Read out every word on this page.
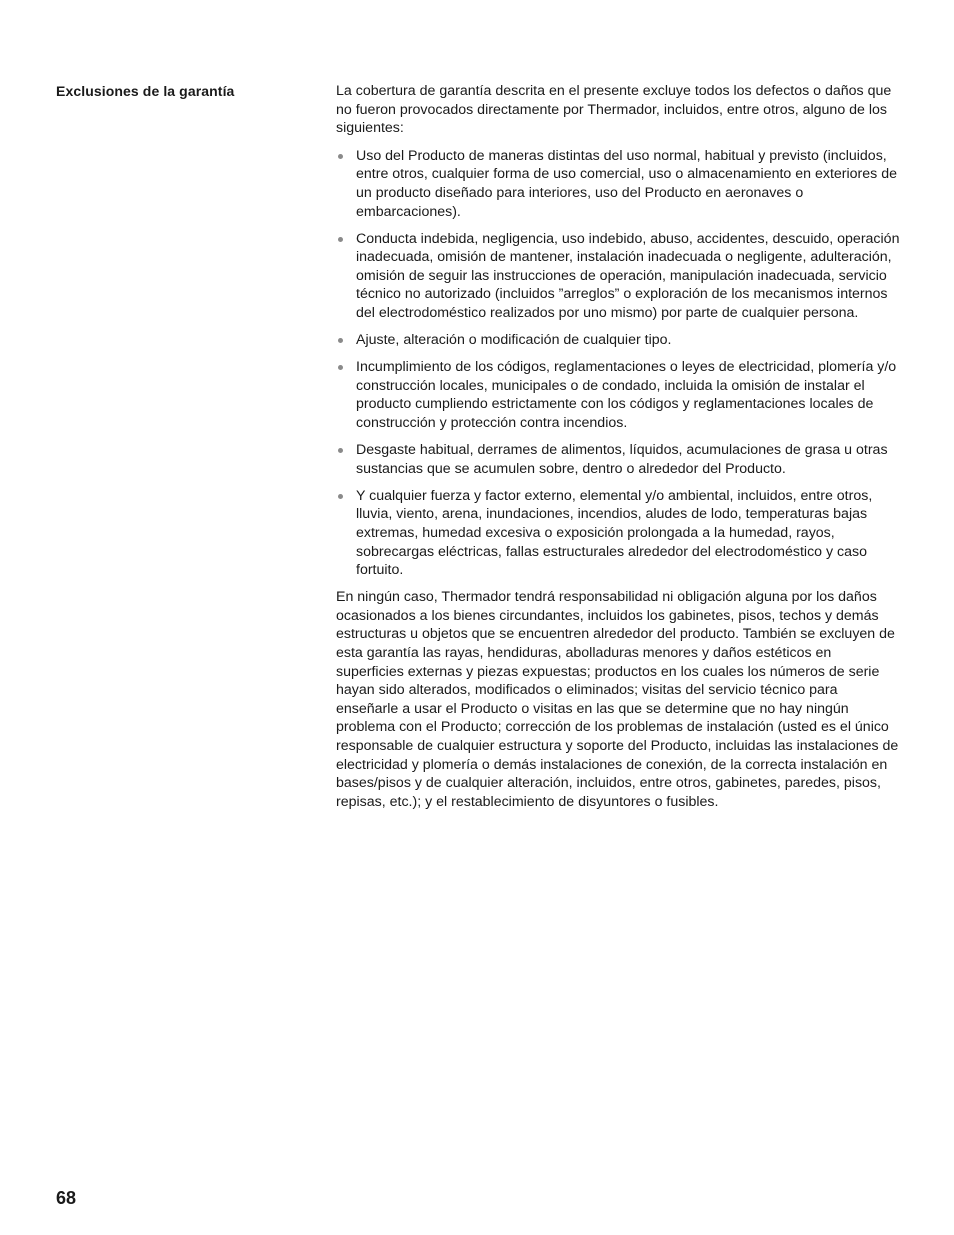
Exclusiones de la garantía	La cobertura de garantía descrita en el presente excluye todos los defectos o daños que no fueron provocados directamente por Thermador, incluidos, entre otros, alguno de los siguientes:

Uso del Producto de maneras distintas del uso normal, habitual y previsto (incluidos, entre otros, cualquier forma de uso comercial, uso o almacenamiento en exteriores de un producto diseñado para interiores, uso del Producto en aeronaves o embarcaciones).
Conducta indebida, negligencia, uso indebido, abuso, accidentes, descuido, operación inadecuada, omisión de mantener, instalación inadecuada o negligente, adulteración, omisión de seguir las instrucciones de operación, manipulación inadecuada, servicio técnico no autorizado (incluidos ”arreglos” o exploración de los mecanismos internos del electrodoméstico realizados por uno mismo) por parte de cualquier persona.
Ajuste, alteración o modificación de cualquier tipo.
Incumplimiento de los códigos, reglamentaciones o leyes de electricidad, plomería y/o construcción locales, municipales o de condado, incluida la omisión de instalar el producto cumpliendo estrictamente con los códigos y reglamentaciones locales de construcción y protección contra incendios.
Desgaste habitual, derrames de alimentos, líquidos, acumulaciones de grasa u otras sustancias que se acumulen sobre, dentro o alrededor del Producto.
Y cualquier fuerza y factor externo, elemental y/o ambiental, incluidos, entre otros, lluvia, viento, arena, inundaciones, incendios, aludes de lodo, temperaturas bajas extremas, humedad excesiva o exposición prolongada a la humedad, rayos, sobrecargas eléctricas, fallas estructurales alrededor del electrodoméstico y caso fortuito.

En ningún caso, Thermador tendrá responsabilidad ni obligación alguna por los daños ocasionados a los bienes circundantes, incluidos los gabinetes, pisos, techos y demás estructuras u objetos que se encuentren alrededor del producto. También se excluyen de esta garantía las rayas, hendiduras, abolladuras menores y daños estéticos en superficies externas y piezas expuestas; productos en los cuales los números de serie hayan sido alterados, modificados o eliminados; visitas del servicio técnico para enseñarle a usar el Producto o visitas en las que se determine que no hay ningún problema con el Producto; corrección de los problemas de instalación (usted es el único responsable de cualquier estructura y soporte del Producto, incluidas las instalaciones de electricidad y plomería o demás instalaciones de conexión, de la correcta instalación en bases/pisos y de cualquier alteración, incluidos, entre otros, gabinetes, paredes, pisos, repisas, etc.); y el restablecimiento de disyuntores o fusibles.

68
